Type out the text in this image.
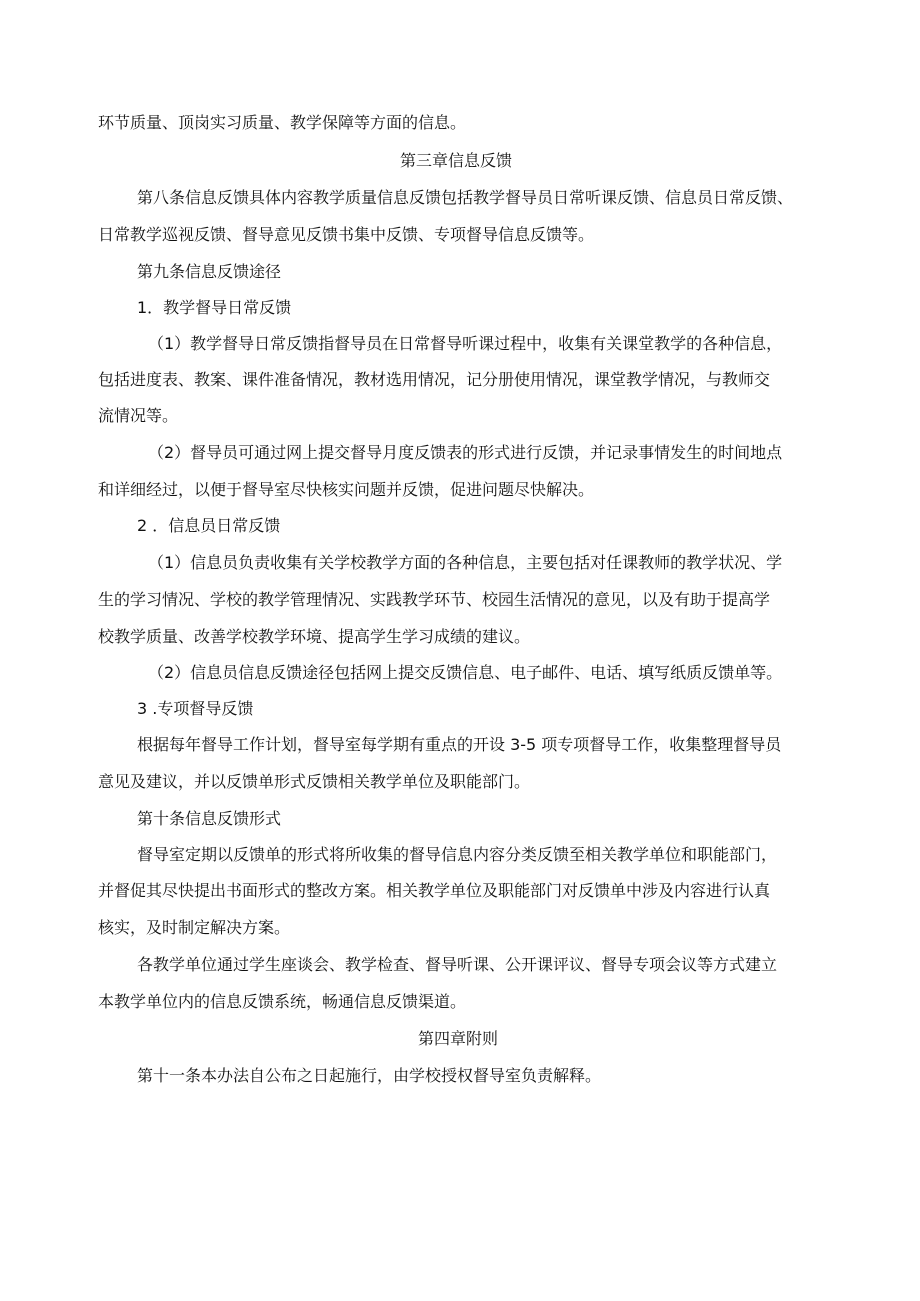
环节质量、顶岗实习质量、教学保障等方面的信息。
第三章信息反馈
第八条信息反馈具体内容教学质量信息反馈包括教学督导员日常听课反馈、信息员日常反馈、
日常教学巡视反馈、督导意见反馈书集中反馈、专项督导信息反馈等。
第九条信息反馈途径
1．教学督导日常反馈
（1）教学督导日常反馈指督导员在日常督导听课过程中，收集有关课堂教学的各种信息，
包括进度表、教案、课件准备情况，教材选用情况，记分册使用情况，课堂教学情况，与教师交
流情况等。
（2）督导员可通过网上提交督导月度反馈表的形式进行反馈，并记录事情发生的时间地点
和详细经过，以便于督导室尽快核实问题并反馈，促进问题尽快解决。
2 ．信息员日常反馈
（1）信息员负责收集有关学校教学方面的各种信息，主要包括对任课教师的教学状况、学
生的学习情况、学校的教学管理情况、实践教学环节、校园生活情况的意见，以及有助于提高学
校教学质量、改善学校教学环境、提高学生学习成绩的建议。
（2）信息员信息反馈途径包括网上提交反馈信息、电子邮件、电话、填写纸质反馈单等。
3 .专项督导反馈
根据每年督导工作计划，督导室每学期有重点的开设 3-5 项专项督导工作，收集整理督导员
意见及建议，并以反馈单形式反馈相关教学单位及职能部门。
第十条信息反馈形式
督导室定期以反馈单的形式将所收集的督导信息内容分类反馈至相关教学单位和职能部门，
并督促其尽快提出书面形式的整改方案。相关教学单位及职能部门对反馈单中涉及内容进行认真
核实，及时制定解决方案。
各教学单位通过学生座谈会、教学检查、督导听课、公开课评议、督导专项会议等方式建立
本教学单位内的信息反馈系统，畅通信息反馈渠道。
第四章附则
第十一条本办法自公布之日起施行，由学校授权督导室负责解释。
